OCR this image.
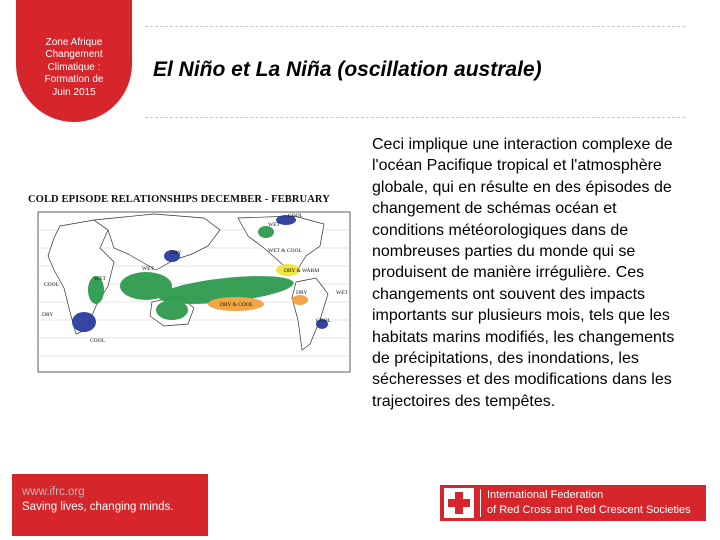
Zone Afrique
Changement
Climatique :
Formation de
Juin 2015
El Niño et La Niña (oscillation australe)
COLD EPISODE RELATIONSHIPS DECEMBER - FEBRUARY
COOL
WET
DRY
WET
WET & COOL
DRY & WARM
WET
DRY & COOL
DRY
COOL
WET
COOL
DRY
COOL
Ceci implique une interaction complexe de l'océan Pacifique tropical et l'atmosphère globale, qui en résulte en des épisodes de changement de schémas océan et conditions météorologiques dans de nombreuses parties du monde qui se produisent de manière irrégulière. Ces changements ont souvent des impacts importants sur plusieurs mois, tels que les habitats marins modifiés, les changements de précipitations, des inondations, les sécheresses et des modifications dans les trajectoires des tempêtes.
www.ifrc.org
Saving lives, changing minds.
International Federation
of Red Cross and Red Crescent Societies
